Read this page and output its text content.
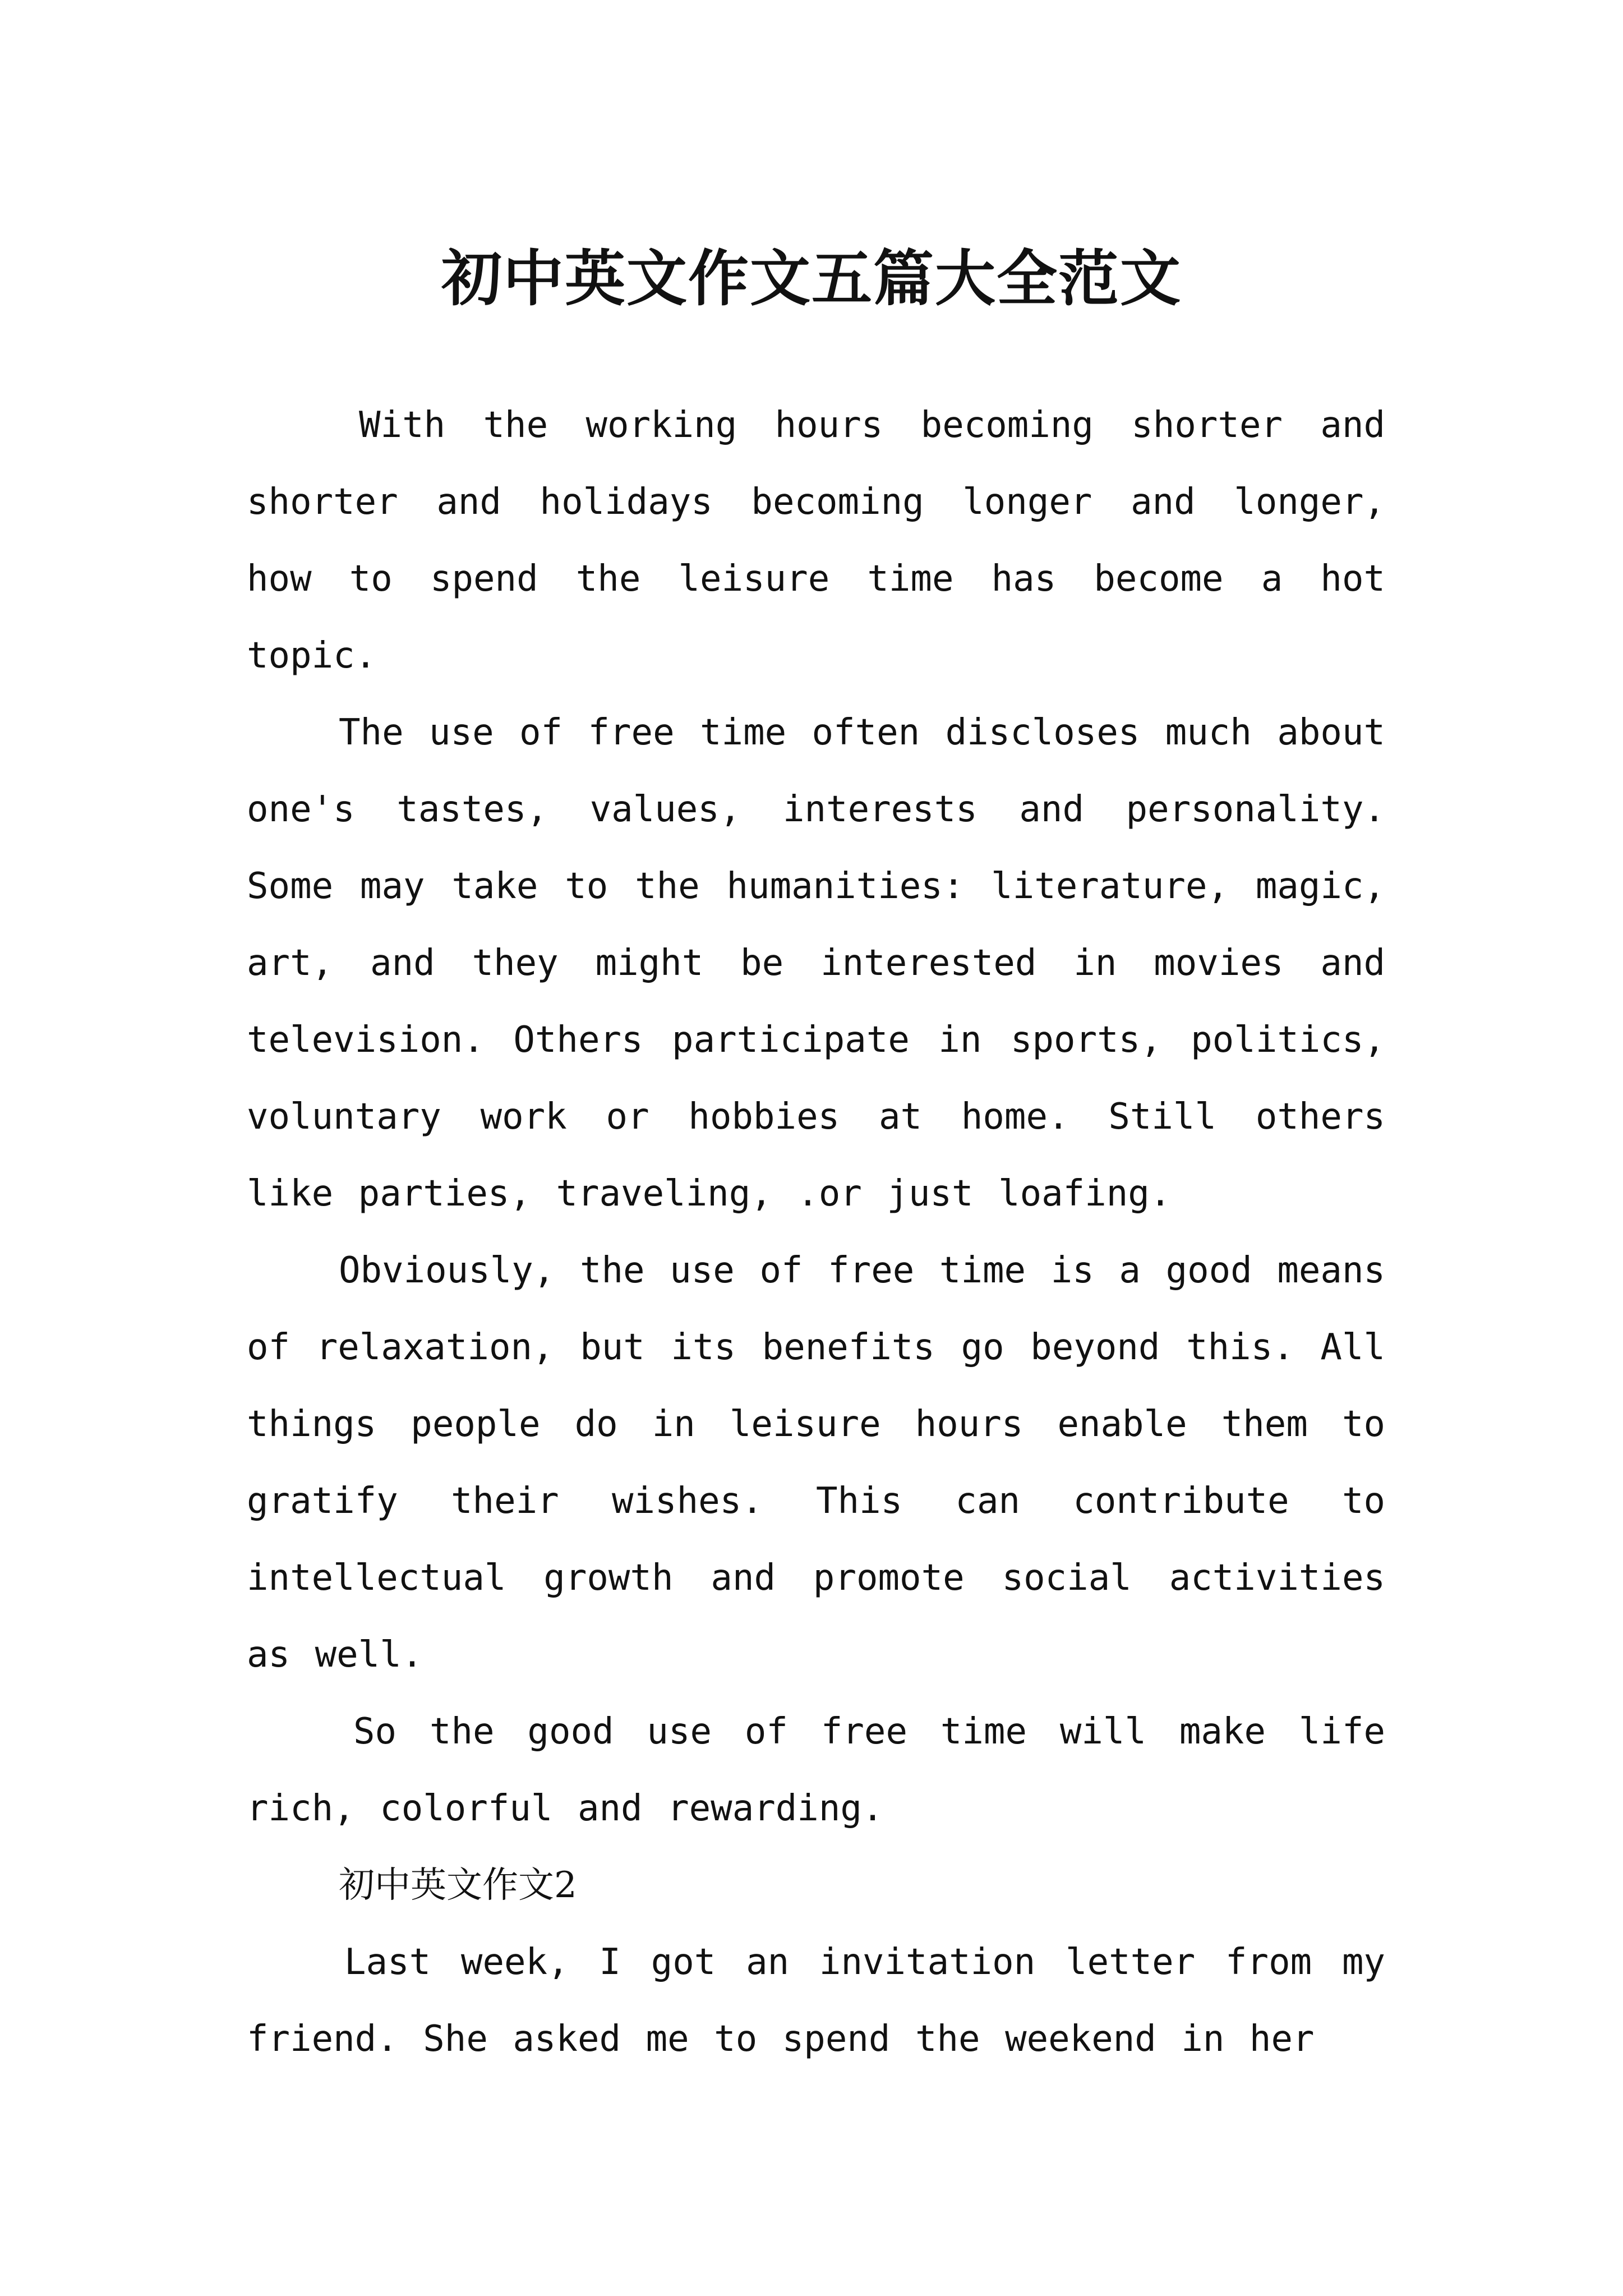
初中英文作文五篇大全范文

With the working hours becoming shorter and shorter and holidays becoming longer and longer, how to spend the leisure time has become a hot topic.

The use of free time often discloses much about one's tastes, values, interests and personality. Some may take to the humanities: literature, magic, art, and they might be interested in movies and television. Others participate in sports, politics, voluntary work or hobbies at home. Still others like parties, traveling, .or just loafing.

Obviously, the use of free time is a good means of relaxation, but its benefits go beyond this. All things people do in leisure hours enable them to gratify their wishes. This can contribute to intellectual growth and promote social activities as well.

So the good use of free time will make life rich, colorful and rewarding.

初中英文作文2

Last week, I got an invitation letter from my friend. She asked me to spend the weekend in her
